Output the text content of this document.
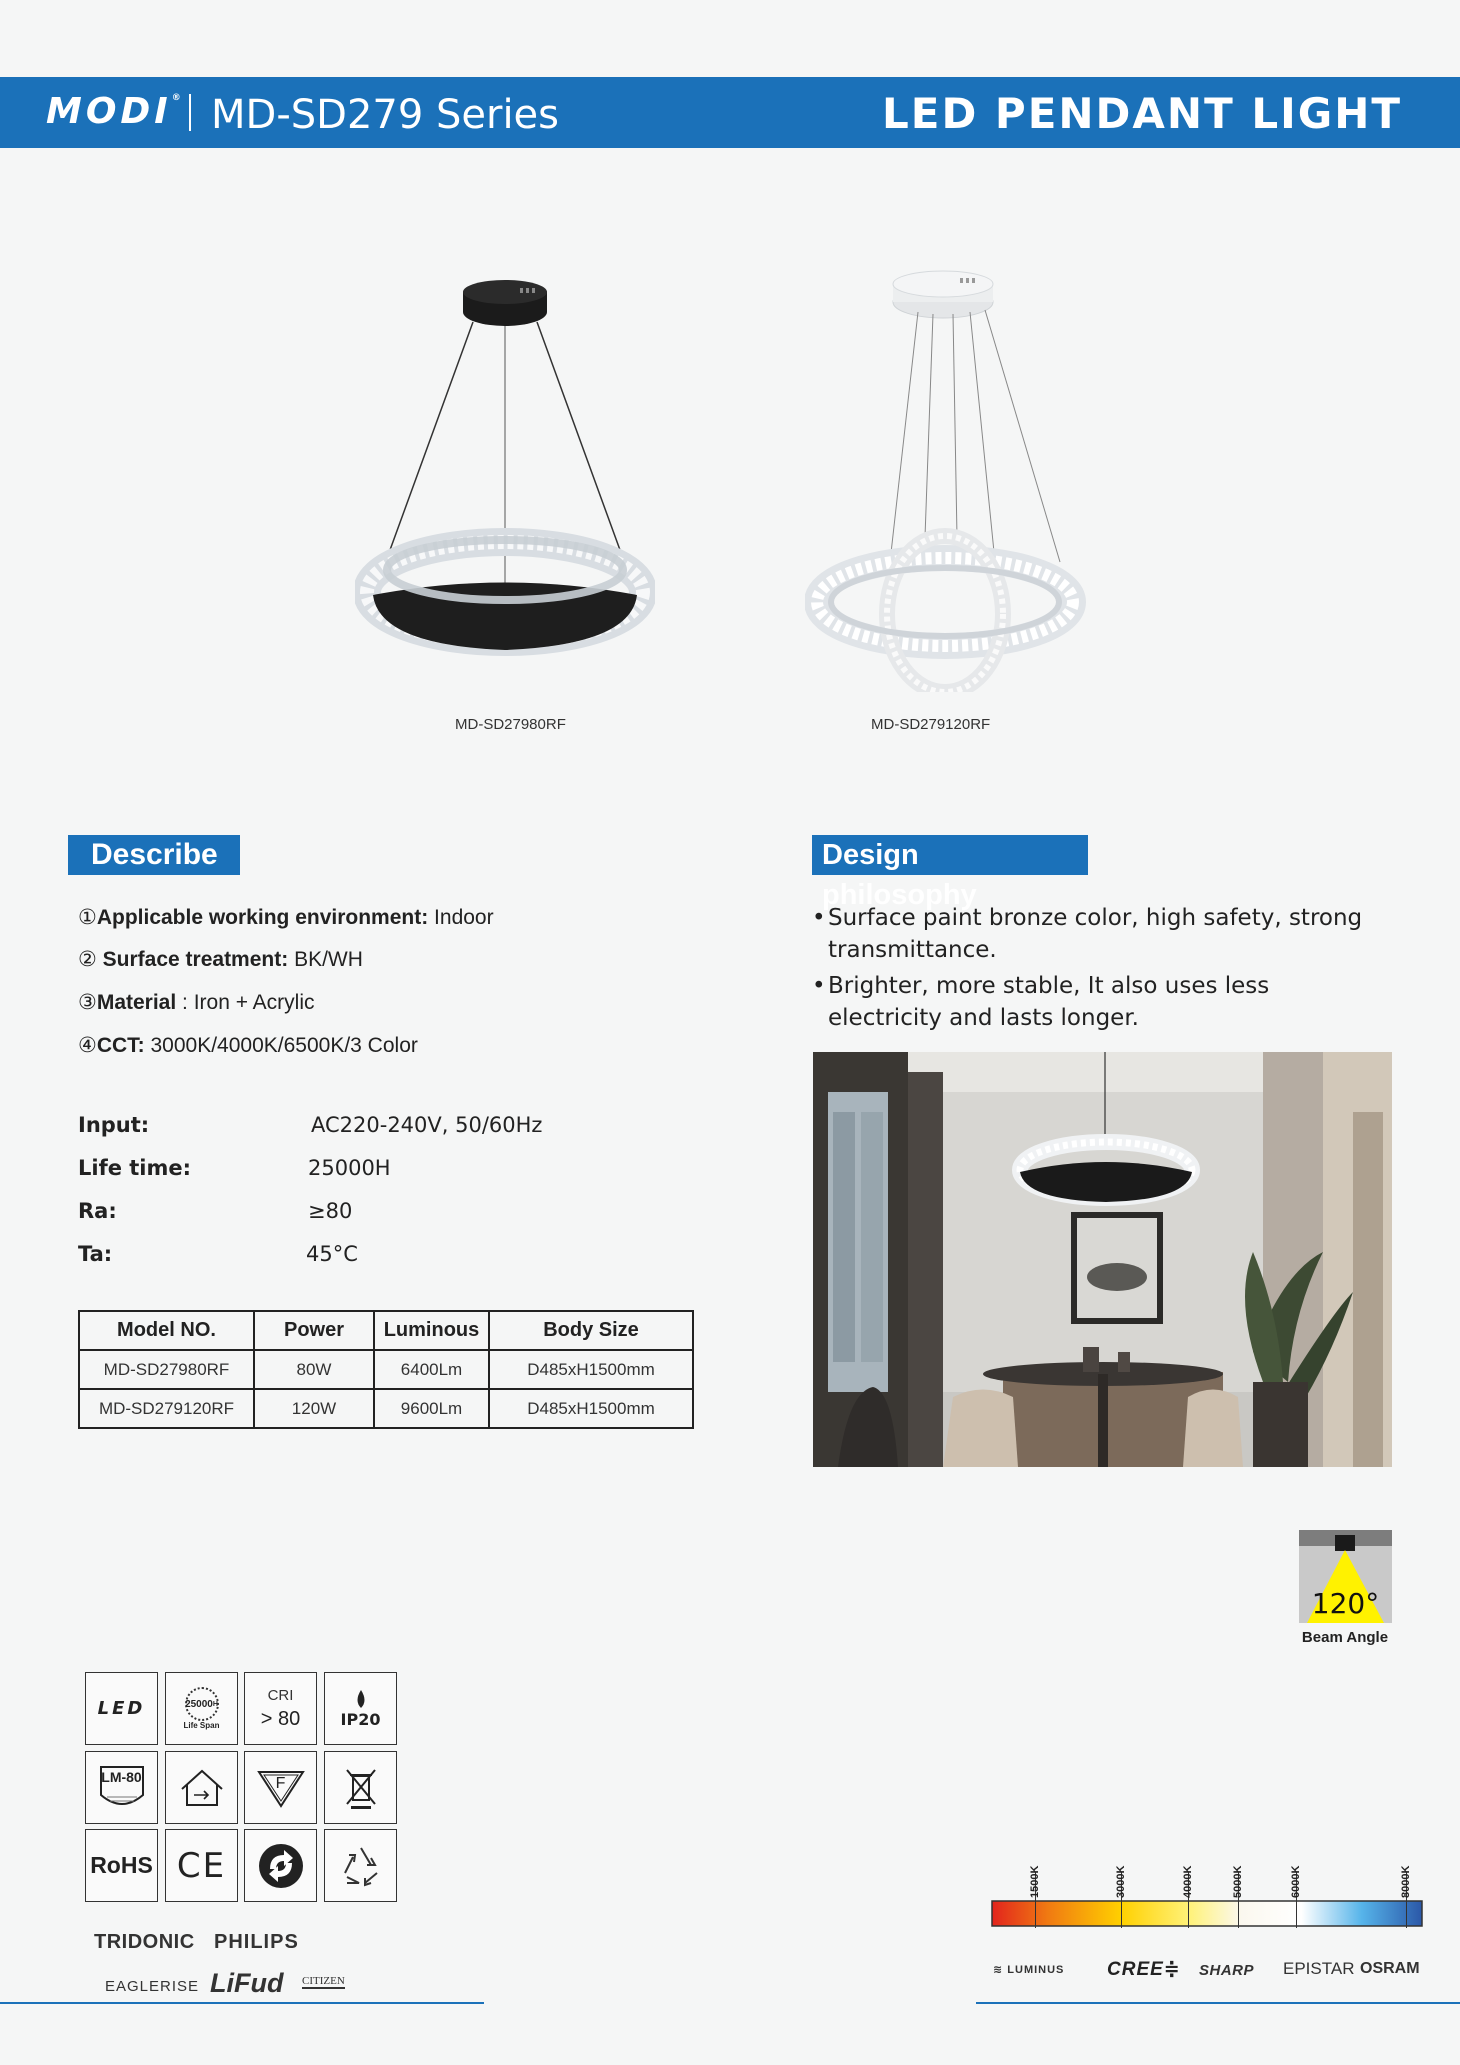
MODI® MD-SD279 Series	LED PENDANT LIGHT
MD-SD27980RF	MD-SD279120RF
Describe
①Applicable working environment: Indoor
② Surface treatment: BK/WH
③Material : Iron + Acrylic
④CCT: 3000K/4000K/6500K/3 Color
Input:	AC220-240V, 50/60Hz
Life time:	25000H
Ra:	≥80
Ta:	45°C
Model NO.	Power	Luminous	Body Size
MD-SD27980RF	80W	6400Lm	D485xH1500mm
MD-SD279120RF	120W	9600Lm	D485xH1500mm
Design philosophy
• Surface paint bronze color, high safety, strong transmittance.
• Brighter, more stable, It also uses less electricity and lasts longer.
120°
Beam Angle
LED	25000 H
Life Span
CRI
> 80	IP20
LM-80	F
RoHS CE
TRIDONIC PHILIPS
EAGLERISE LiFud CITIZEN
1500K	3000K	4000K	5000K	6000K	8000K
≋ LUMINUS CREE≑ SHARP EPISTAR OSRAM
